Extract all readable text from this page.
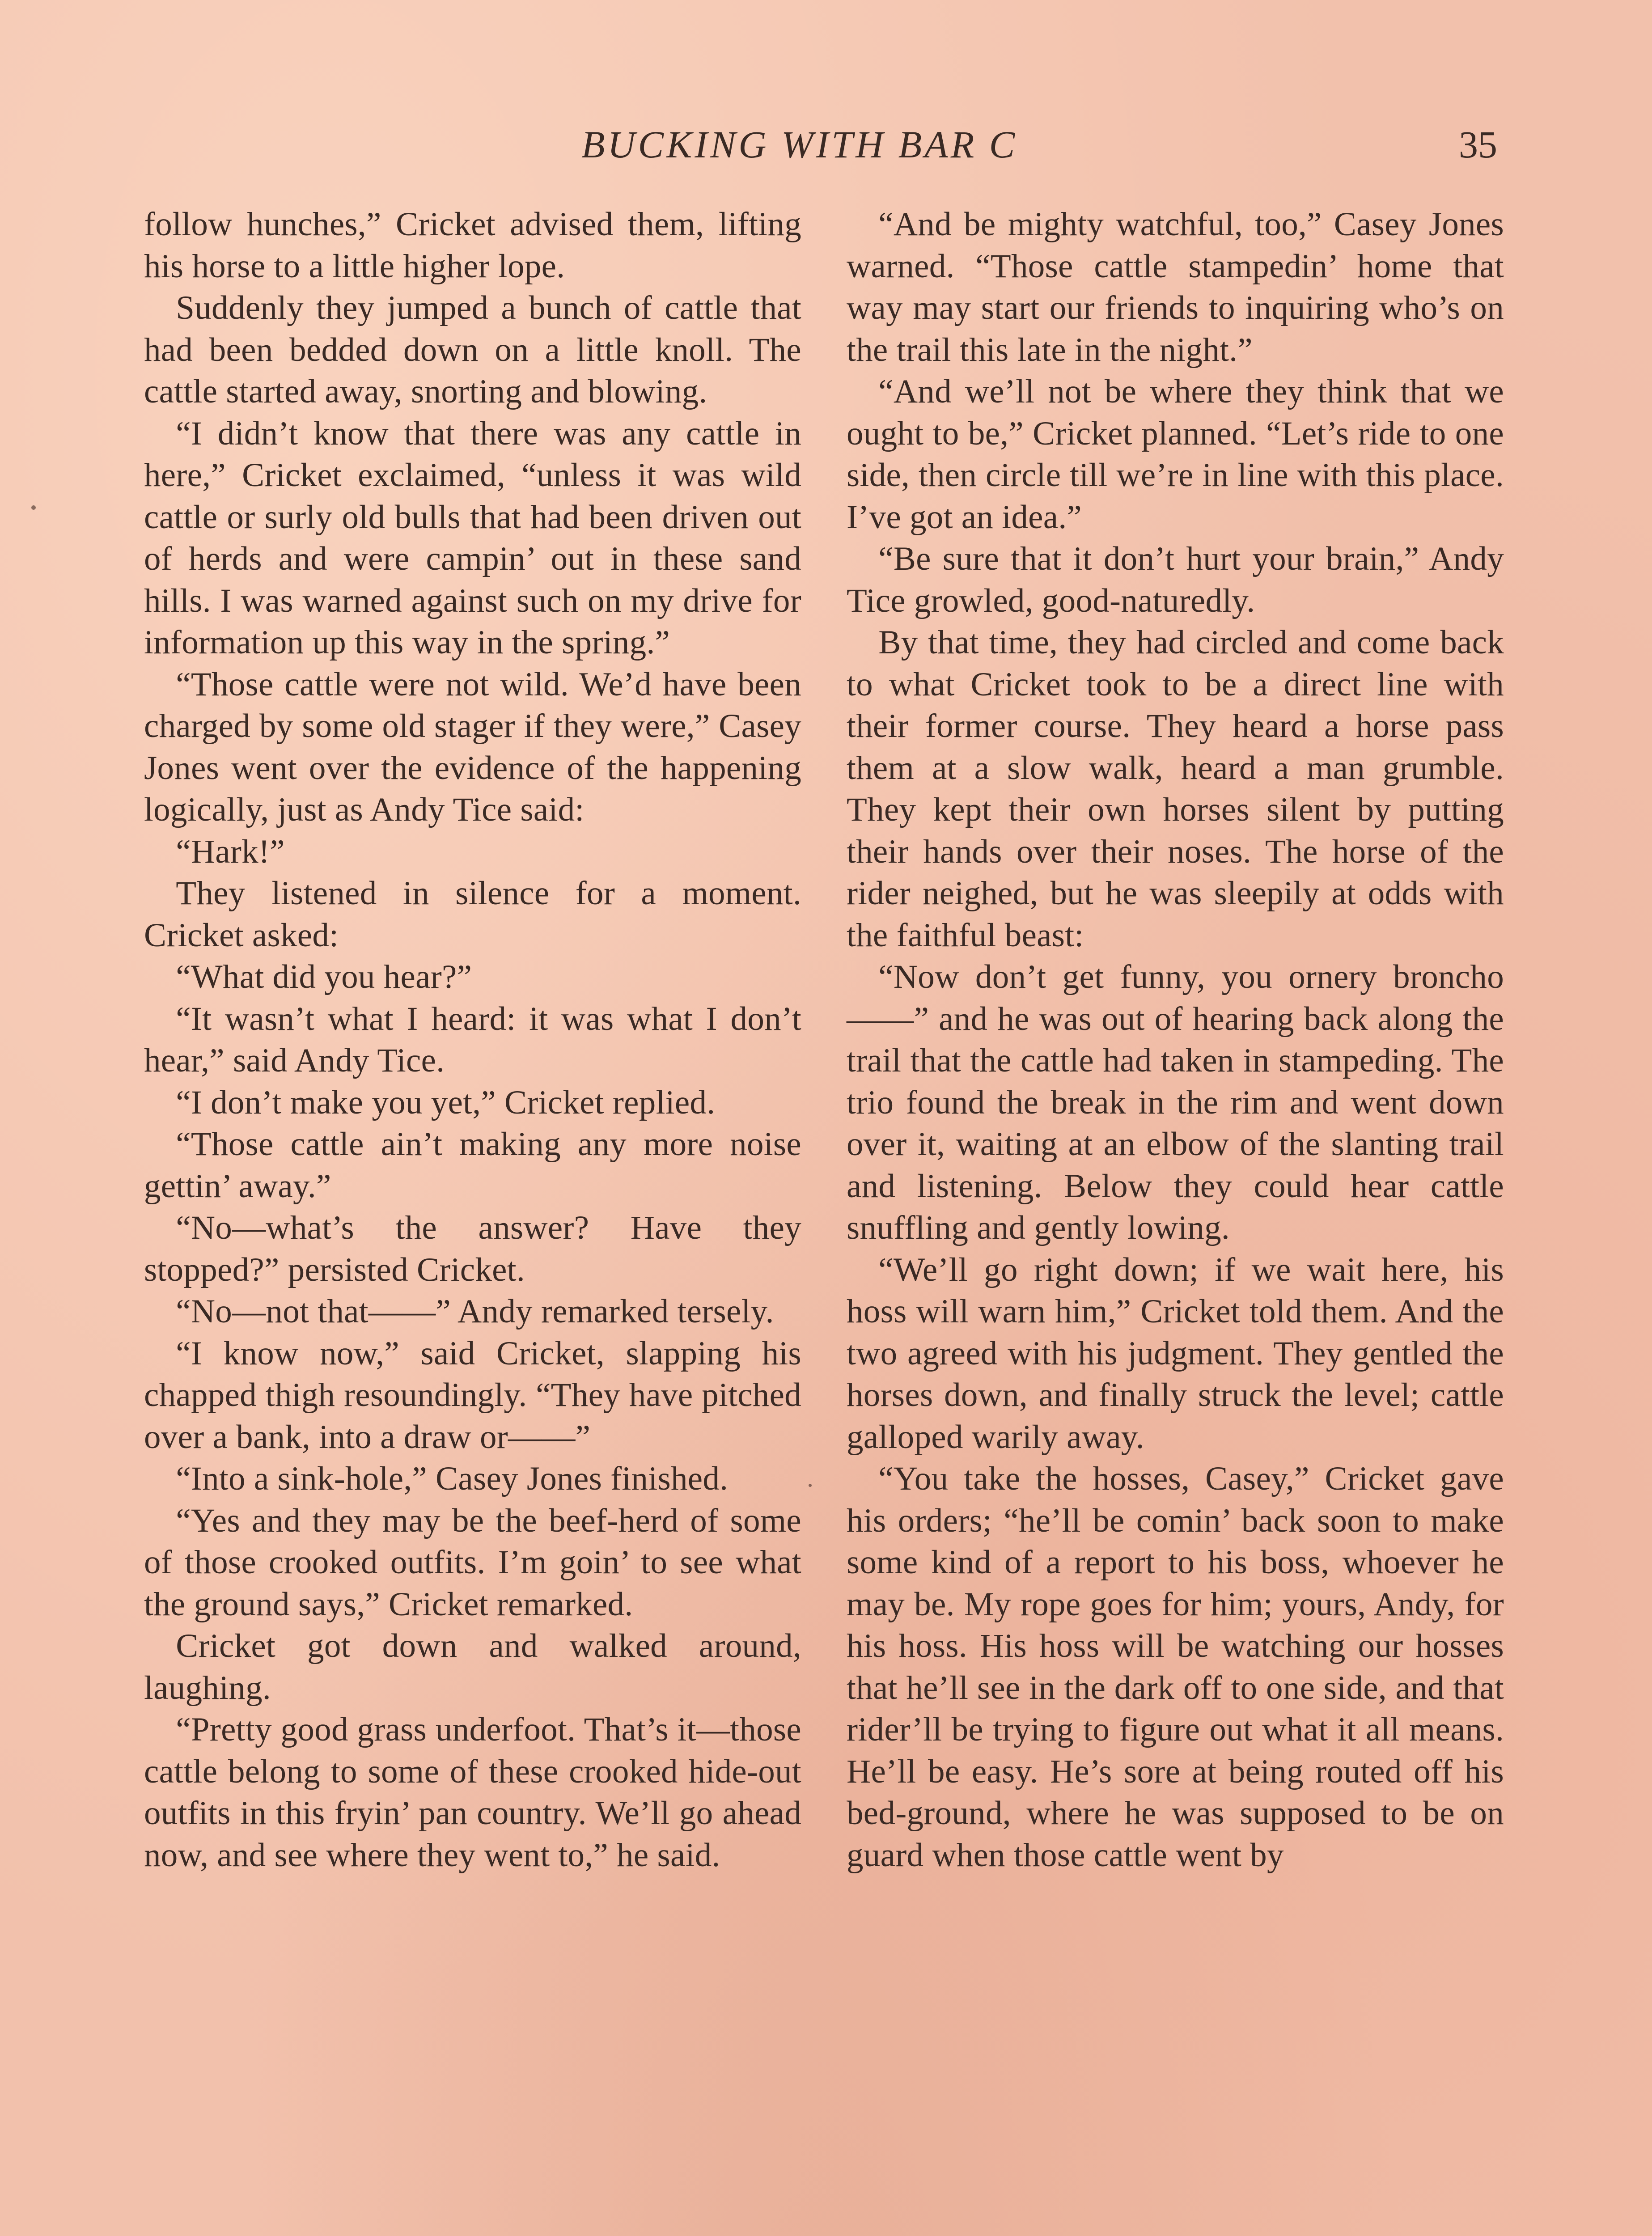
BUCKING WITH BAR C	35

follow hunches,” Cricket advised them, lifting his horse to a little higher lope.

Suddenly they jumped a bunch of cattle that had been bedded down on a little knoll. The cattle started away, snorting and blowing.

“I didn’t know that there was any cattle in here,” Cricket exclaimed, “unless it was wild cattle or surly old bulls that had been driven out of herds and were campin’ out in these sand hills. I was warned against such on my drive for information up this way in the spring.”

“Those cattle were not wild. We’d have been charged by some old stager if they were,” Casey Jones went over the evidence of the happening logically, just as Andy Tice said:

“Hark!”

They listened in silence for a moment. Cricket asked:

“What did you hear?”

“It wasn’t what I heard: it was what I don’t hear,” said Andy Tice.

“I don’t make you yet,” Cricket replied.

“Those cattle ain’t making any more noise gettin’ away.”

“No—what’s the answer? Have they stopped?” persisted Cricket.

“No—not that——” Andy remarked tersely.

“I know now,” said Cricket, slapping his chapped thigh resoundingly. “They have pitched over a bank, into a draw or——”

“Into a sink-hole,” Casey Jones finished.

“Yes and they may be the beef-herd of some of those crooked outfits. I’m goin’ to see what the ground says,” Cricket remarked.

Cricket got down and walked around, laughing.

“Pretty good grass underfoot. That’s it—those cattle belong to some of these crooked hide-out outfits in this fryin’ pan country. We’ll go ahead now, and see where they went to,” he said.

“And be mighty watchful, too,” Casey Jones warned. “Those cattle stampedin’ home that way may start our friends to inquiring who’s on the trail this late in the night.”

“And we’ll not be where they think that we ought to be,” Cricket planned. “Let’s ride to one side, then circle till we’re in line with this place. I’ve got an idea.”

“Be sure that it don’t hurt your brain,” Andy Tice growled, good-naturedly.

By that time, they had circled and come back to what Cricket took to be a direct line with their former course. They heard a horse pass them at a slow walk, heard a man grumble. They kept their own horses silent by putting their hands over their noses. The horse of the rider neighed, but he was sleepily at odds with the faithful beast:

“Now don’t get funny, you ornery broncho——” and he was out of hearing back along the trail that the cattle had taken in stampeding. The trio found the break in the rim and went down over it, waiting at an elbow of the slanting trail and listening. Below they could hear cattle snuffling and gently lowing.

“We’ll go right down; if we wait here, his hoss will warn him,” Cricket told them. And the two agreed with his judgment. They gentled the horses down, and finally struck the level; cattle galloped warily away.

“You take the hosses, Casey,” Cricket gave his orders; “he’ll be comin’ back soon to make some kind of a report to his boss, whoever he may be. My rope goes for him; yours, Andy, for his hoss. His hoss will be watching our hosses that he’ll see in the dark off to one side, and that rider’ll be trying to figure out what it all means. He’ll be easy. He’s sore at being routed off his bed-ground, where he was supposed to be on guard when those cattle went by
